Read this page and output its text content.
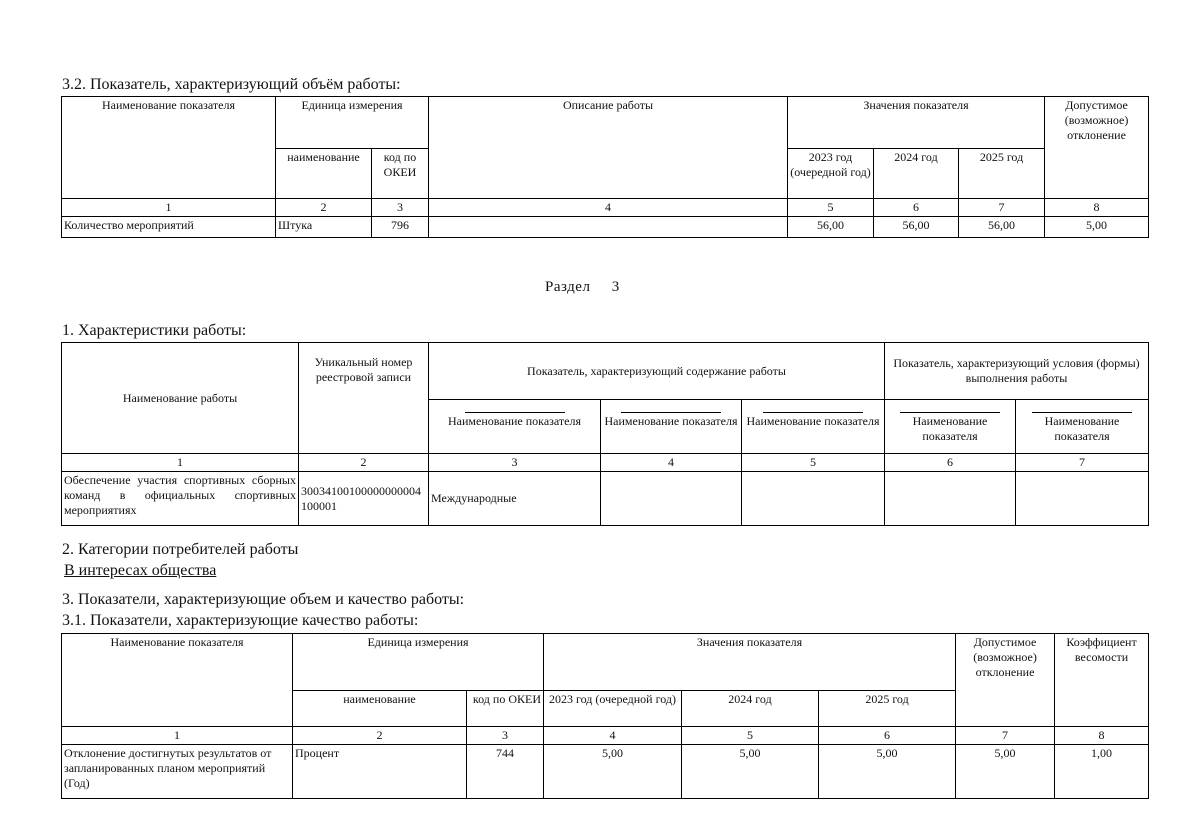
3.2. Показатель, характеризующий объём работы:
Наименование показателя	Единица измерения		Описание работы	Значения показателя			Допустимое (возможное) отклонение
	наименование	код по ОКЕИ		2023 год (очередной год)	2024 год	2025 год	
1	2	3	4	5	6	7	8
Количество мероприятий	Штука	796		56,00	56,00	56,00	5,00
Раздел 3
1. Характеристики работы:
Наименование работы	Уникальный номер реестровой записи	Показатель, характеризующий содержание работы			Показатель, характеризующий условия (формы) выполнения работы	

Наименование показателя	Наименование показателя	Наименование показателя	Наименование показателя	Наименование показателя
1	2	3	4	5	6	7
Обеспечение участия спортивных сборных команд в официальных спортивных мероприятиях	30034100100000000004100001	Международные				
2. Категории потребителей работы
В интересах общества
3. Показатели, характеризующие объем и качество работы:
3.1. Показатели, характеризующие качество работы:
Наименование показателя	Единица измерения		Значения показателя			Допустимое (возможное) отклонение	Коэффициент весомости
	наименование	код по ОКЕИ	2023 год (очередной год)	2024 год	2025 год		
1	2	3	4	5	6	7	8
Отклонение достигнутых результатов от запланированных планом мероприятий (Год)	Процент	744	5,00	5,00	5,00	5,00	1,00
